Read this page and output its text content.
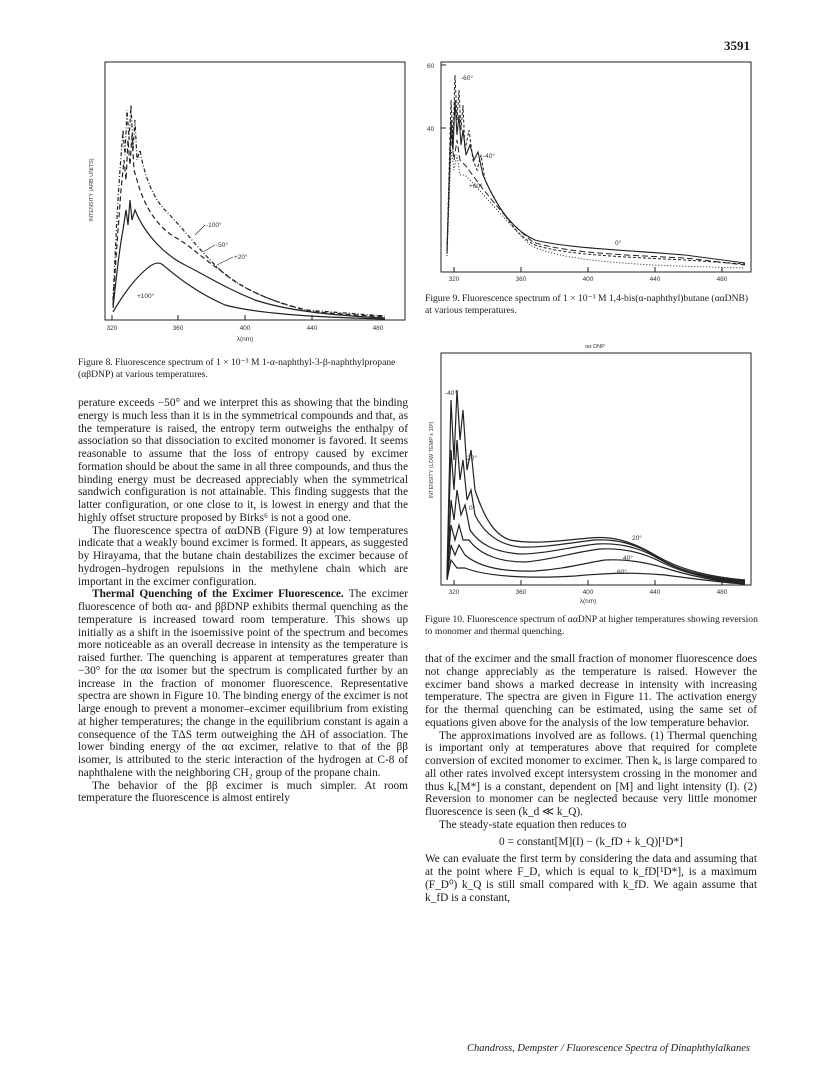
3591
320	360	400	440	480
λ(nm)
INTENSITY (ARB UNITS)
-100°
-50°
+20°
+100°
Figure 8. Fluorescence spectrum of 1 × 10⁻³ M 1-α-naphthyl-3-β-naphthylpropane (αβDNP) at various temperatures.
60
40
320	360	400	440	480
-60°
-40°
+60°
0°
Figure 9. Fluorescence spectrum of 1 × 10⁻³ M 1,4-bis(α-naphthyl)butane (ααDNB) at various temperatures.
αα DNP
INTENSITY (LOW TEMP x 10³)
320	360	400	440	480
λ(nm)
-40°
-20°
0°
20°
40°
60°
Figure 10. Fluorescence spectrum of ααDNP at higher temperatures showing reversion to monomer and thermal quenching.

perature exceeds −50° and we interpret this as showing that the binding energy is much less than it is in the symmetrical compounds and that, as the temperature is raised, the entropy term outweighs the enthalpy of association so that dissociation to excited monomer is favored. It seems reasonable to assume that the loss of entropy caused by excimer formation should be about the same in all three compounds, and thus the binding energy must be decreased appreciably when the symmetrical sandwich configuration is not attainable. This finding suggests that the latter configuration, or one close to it, is lowest in energy and that the highly offset structure proposed by Birks⁶ is not a good one.

The fluorescence spectra of ααDNB (Figure 9) at low temperatures indicate that a weakly bound excimer is formed. It appears, as suggested by Hirayama, that the butane chain destabilizes the excimer because of hydrogen–hydrogen repulsions in the methylene chain which are important in the excimer configuration.

Thermal Quenching of the Excimer Fluorescence. The excimer fluorescence of both αα- and ββDNP exhibits thermal quenching as the temperature is increased toward room temperature. This shows up initially as a shift in the isoemissive point of the spectrum and becomes more noticeable as an overall decrease in intensity as the temperature is raised further. The quenching is apparent at temperatures greater than −30° for the αα isomer but the spectrum is complicated further by an increase in the fraction of monomer fluorescence. Representative spectra are shown in Figure 10. The binding energy of the excimer is not large enough to prevent a monomer–excimer equilibrium from existing at higher temperatures; the change in the equilibrium constant is again a consequence of the TΔS term outweighing the ΔH of association. The lower binding energy of the αα excimer, relative to that of the ββ isomer, is attributed to the steric interaction of the hydrogen at C-8 of naphthalene with the neighboring CH₂ group of the propane chain.

The behavior of the ββ excimer is much simpler. At room temperature the fluorescence is almost entirely

that of the excimer and the small fraction of monomer fluorescence does not change appreciably as the temperature is raised. However the excimer band shows a marked decrease in intensity with increasing temperature. The spectra are given in Figure 11. The activation energy for the thermal quenching can be estimated, using the same set of equations given above for the analysis of the low temperature behavior.

The approximations involved are as follows. (1) Thermal quenching is important only at temperatures above that required for complete conversion of excited monomer to excimer. Then kₐ is large compared to all other rates involved except intersystem crossing in the monomer and thus kₐ[M*] is a constant, dependent on [M] and light intensity (I). (2) Reversion to monomer can be neglected because very little monomer fluorescence is seen (k_d ≪ k_Q).

The steady-state equation then reduces to

0 = constant[M](I) − (k_fD + k_Q)[¹D*]

We can evaluate the first term by considering the data and assuming that at the point where F_D, which is equal to k_fD[¹D*], is a maximum (F_D⁰) k_Q is still small compared with k_fD. We again assume that k_fD is a constant,

Chandross, Dempster / Fluorescence Spectra of Dinaphthylalkanes
